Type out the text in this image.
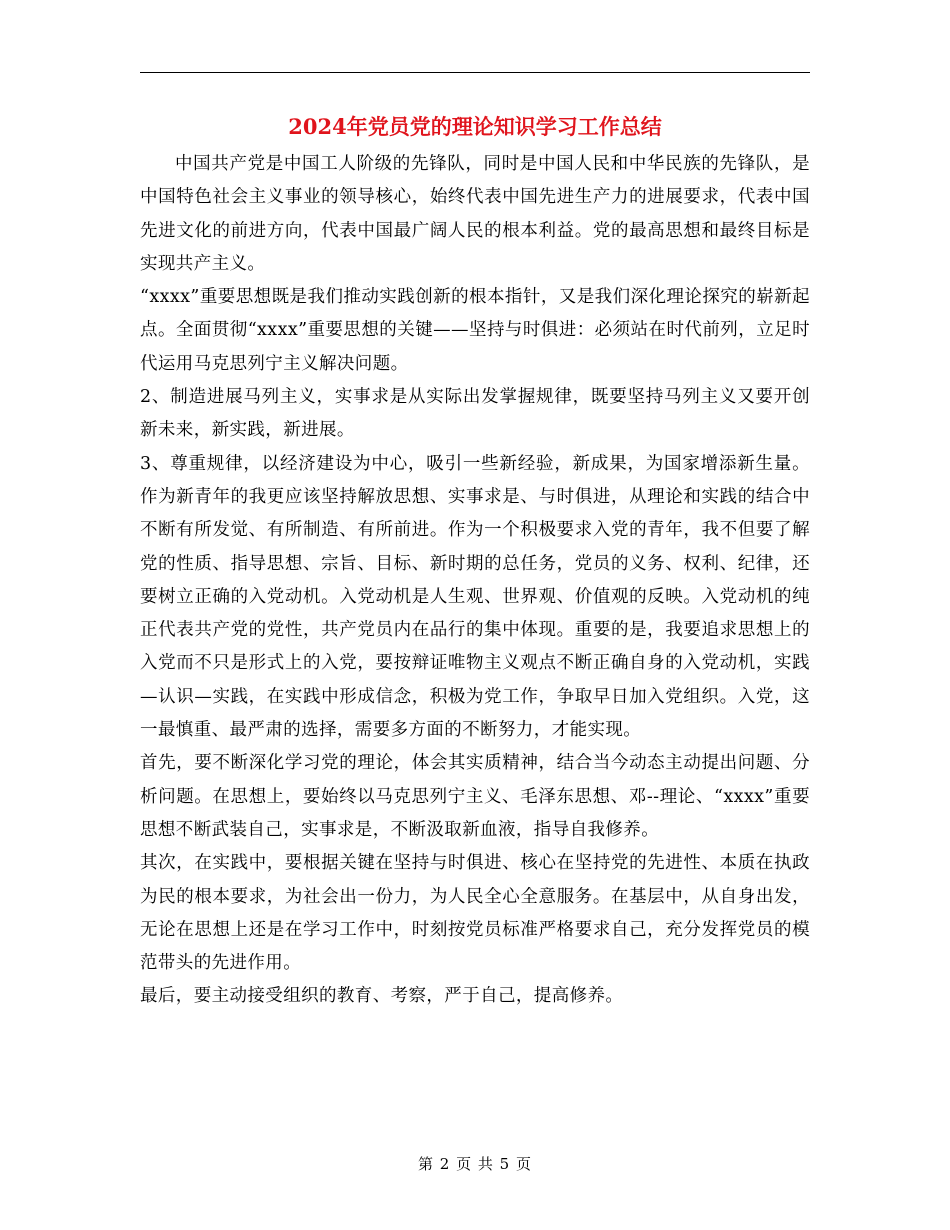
2024年党员党的理论知识学习工作总结

中国共产党是中国工人阶级的先锋队，同时是中国人民和中华民族的先锋队，是中国特色社会主义事业的领导核心，始终代表中国先进生产力的进展要求，代表中国先进文化的前进方向，代表中国最广阔人民的根本利益。党的最高思想和最终目标是实现共产主义。

“xxxx”重要思想既是我们推动实践创新的根本指针，又是我们深化理论探究的崭新起点。全面贯彻“xxxx”重要思想的关键——坚持与时俱进：必须站在时代前列，立足时代运用马克思列宁主义解决问题。

2、制造进展马列主义，实事求是从实际出发掌握规律，既要坚持马列主义又要开创新未来，新实践，新进展。

3、尊重规律，以经济建设为中心，吸引一些新经验，新成果，为国家增添新生量。作为新青年的我更应该坚持解放思想、实事求是、与时俱进，从理论和实践的结合中不断有所发觉、有所制造、有所前进。作为一个积极要求入党的青年，我不但要了解党的性质、指导思想、宗旨、目标、新时期的总任务，党员的义务、权利、纪律，还要树立正确的入党动机。入党动机是人生观、世界观、价值观的反映。入党动机的纯正代表共产党的党性，共产党员内在品行的集中体现。重要的是，我要追求思想上的入党而不只是形式上的入党，要按辩证唯物主义观点不断正确自身的入党动机，实践—认识—实践，在实践中形成信念，积极为党工作，争取早日加入党组织。入党，这一最慎重、最严肃的选择，需要多方面的不断努力，才能实现。

首先，要不断深化学习党的理论，体会其实质精神，结合当今动态主动提出问题、分析问题。在思想上，要始终以马克思列宁主义、毛泽东思想、邓--理论、“xxxx”重要思想不断武装自己，实事求是，不断汲取新血液，指导自我修养。

其次，在实践中，要根据关键在坚持与时俱进、核心在坚持党的先进性、本质在执政为民的根本要求，为社会出一份力，为人民全心全意服务。在基层中，从自身出发，无论在思想上还是在学习工作中，时刻按党员标准严格要求自己，充分发挥党员的模范带头的先进作用。

最后，要主动接受组织的教育、考察，严于自己，提高修养。

第 2 页 共 5 页
